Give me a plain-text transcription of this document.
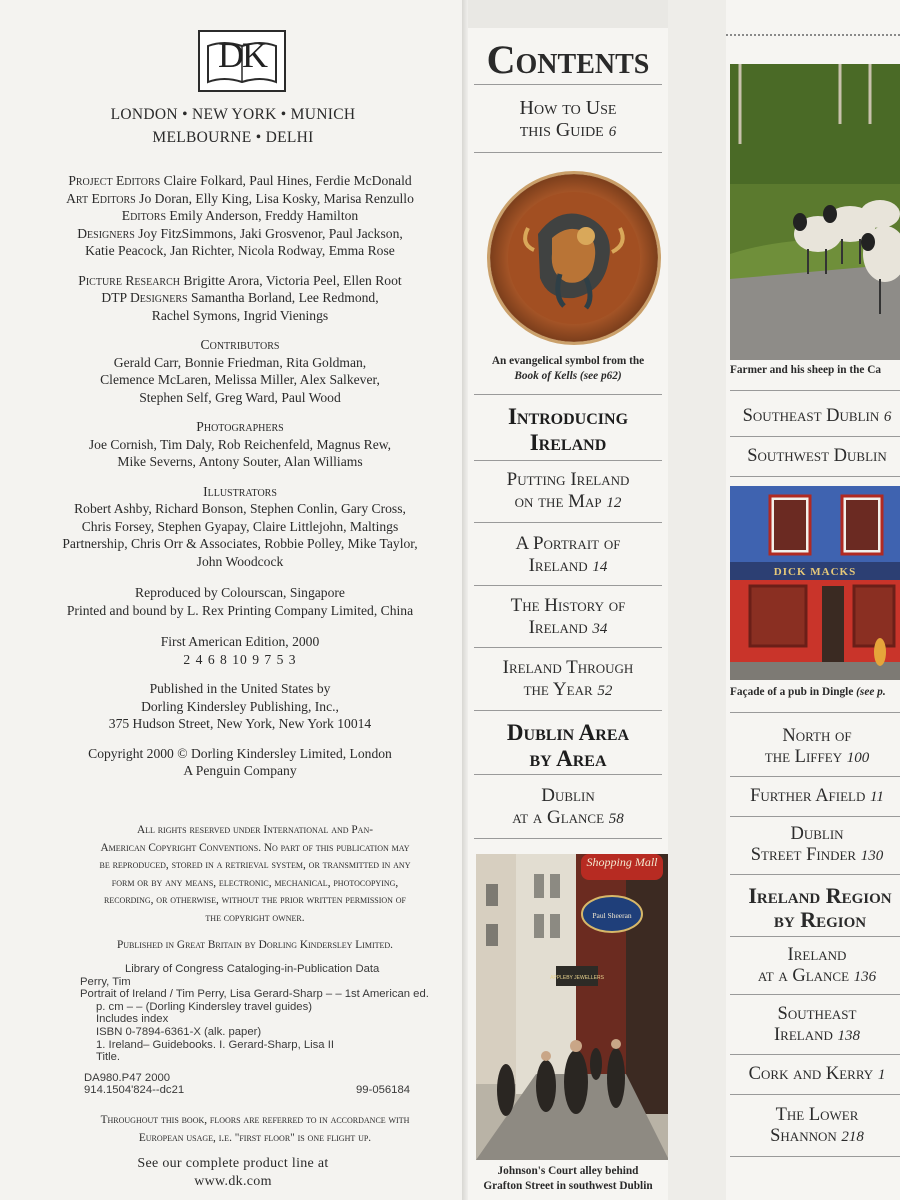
DK
LONDON • NEW YORK • MUNICH
MELBOURNE • DELHI
Project Editors Claire Folkard, Paul Hines, Ferdie McDonald
Art Editors Jo Doran, Elly King, Lisa Kosky, Marisa Renzullo
Editors Emily Anderson, Freddy Hamilton
Designers Joy FitzSimmons, Jaki Grosvenor, Paul Jackson,
Katie Peacock, Jan Richter, Nicola Rodway, Emma Rose
Picture Research Brigitte Arora, Victoria Peel, Ellen Root
DTP Designers Samantha Borland, Lee Redmond,
Rachel Symons, Ingrid Vienings
Contributors
Gerald Carr, Bonnie Friedman, Rita Goldman,
Clemence McLaren, Melissa Miller, Alex Salkever,
Stephen Self, Greg Ward, Paul Wood
Photographers
Joe Cornish, Tim Daly, Rob Reichenfeld, Magnus Rew,
Mike Severns, Antony Souter, Alan Williams
Illustrators
Robert Ashby, Richard Bonson, Stephen Conlin, Gary Cross,
Chris Forsey, Stephen Gyapay, Claire Littlejohn, Maltings
Partnership, Chris Orr & Associates, Robbie Polley, Mike Taylor,
John Woodcock
Reproduced by Colourscan, Singapore
Printed and bound by L. Rex Printing Company Limited, China
First American Edition, 2000
2 4 6 8 10 9 7 5 3
Published in the United States by
Dorling Kindersley Publishing, Inc.,
375 Hudson Street, New York, New York 10014
Copyright 2000 © Dorling Kindersley Limited, London
A Penguin Company
All rights reserved under International and Pan-
American Copyright Conventions. No part of this publication may
be reproduced, stored in a retrieval system, or transmitted in any
form or by any means, electronic, mechanical, photocopying,
recording, or otherwise, without the prior written permission of
the copyright owner.
Published in Great Britain by Dorling Kindersley Limited.
Library of Congress Cataloging-in-Publication Data
Perry, Tim
Portrait of Ireland / Tim Perry, Lisa Gerard-Sharp – – 1st American ed.
p. cm – – (Dorling Kindersley travel guides)
Includes index
ISBN 0-7894-6361-X (alk. paper)
1. Ireland– Guidebooks. I. Gerard-Sharp, Lisa II
Title.
DA980.P47 2000
914.1504'824--dc21	99-056184
Throughout this book, floors are referred to in accordance with
European usage, i.e. "first floor" is one flight up.
See our complete product line at
www.dk.com
Contents
How to Use
this Guide 6
An evangelical symbol from the
Book of Kells (see p62)
Introducing
Ireland
Putting Ireland
on the Map 12
A Portrait of
Ireland 14
The History of
Ireland 34
Ireland Through
the Year 52
Dublin Area
by Area
Dublin
at a Glance 58
Shopping Mall
Paul Sheeran
APPLEBY JEWELLERS
Johnson's Court alley behind
Grafton Street in southwest Dublin
Farmer and his sheep in the Ca
Southeast Dublin 6
Southwest Dublin
DICK MACKS
Façade of a pub in Dingle (see p.
North of
the Liffey 100
Further Afield 11
Dublin
Street Finder 130
Ireland Region
by Region
Ireland
at a Glance 136
Southeast
Ireland 138
Cork and Kerry 1
The Lower
Shannon 218
